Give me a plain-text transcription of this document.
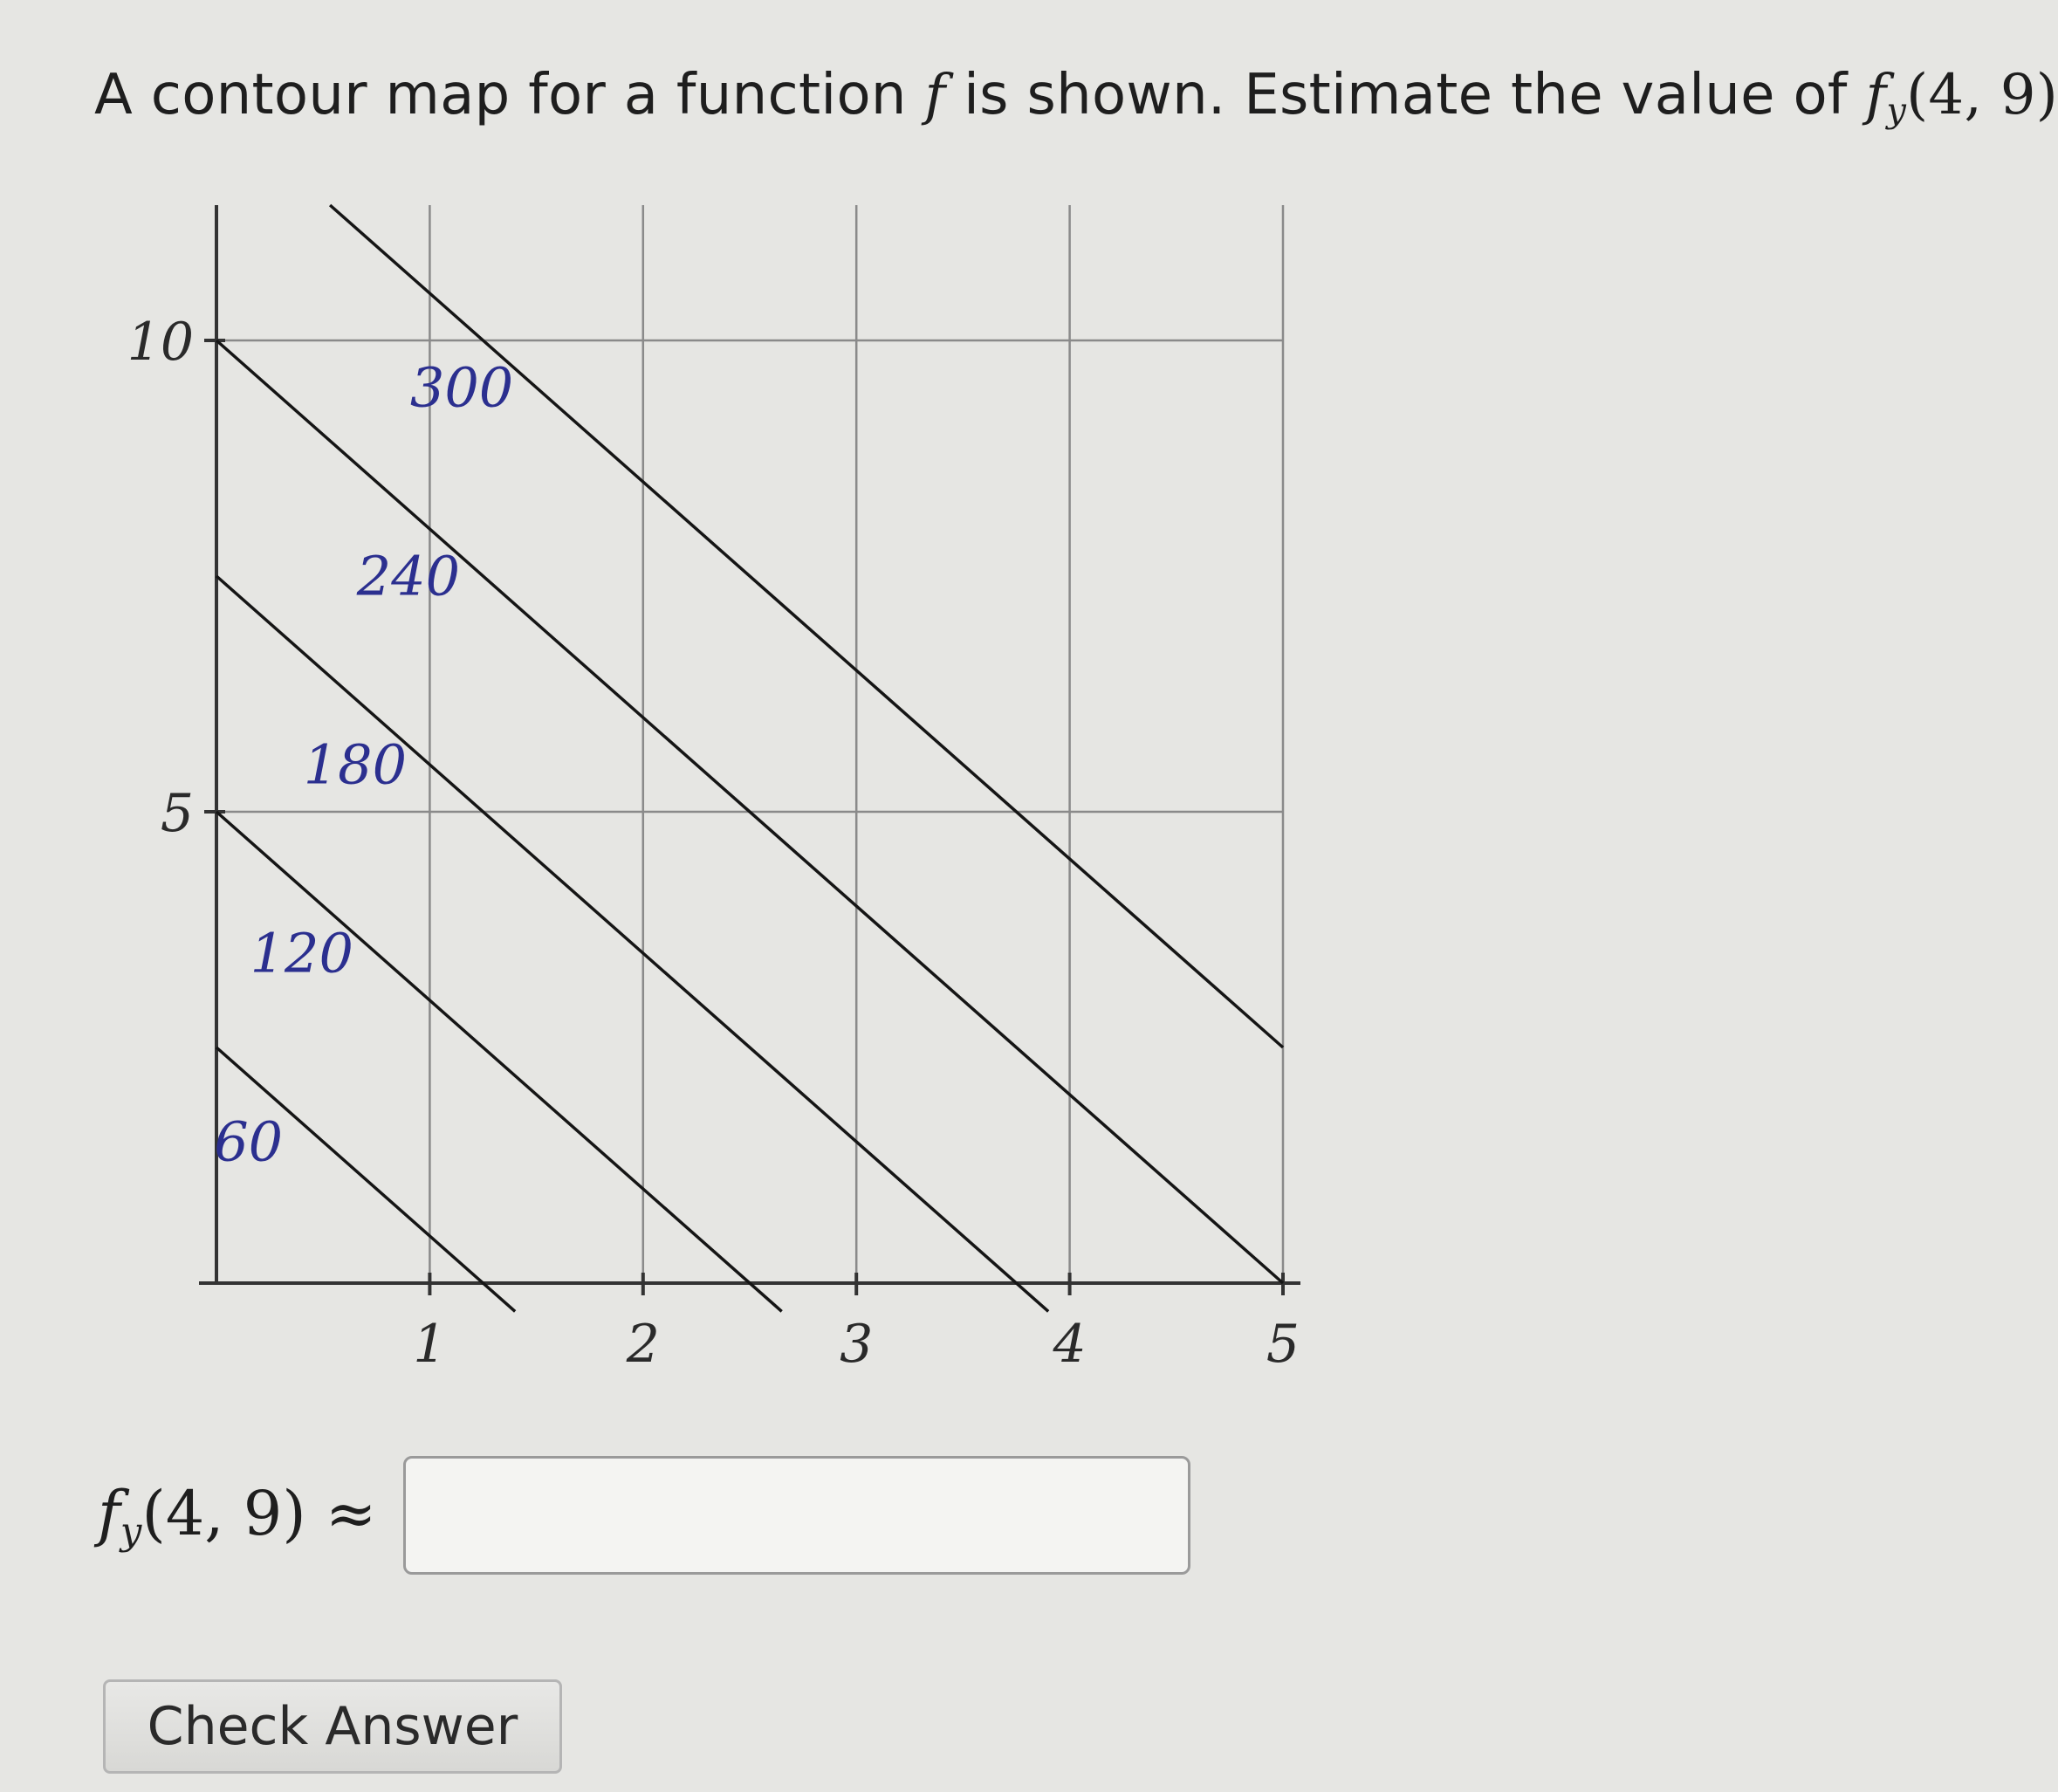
A contour map for a function f is shown. Estimate the value of $f_y(4$, 9)
1	2	3	4	5
5
10
60
120
180
240
300
$f_y(4$, 9) ≈
Check Answer
